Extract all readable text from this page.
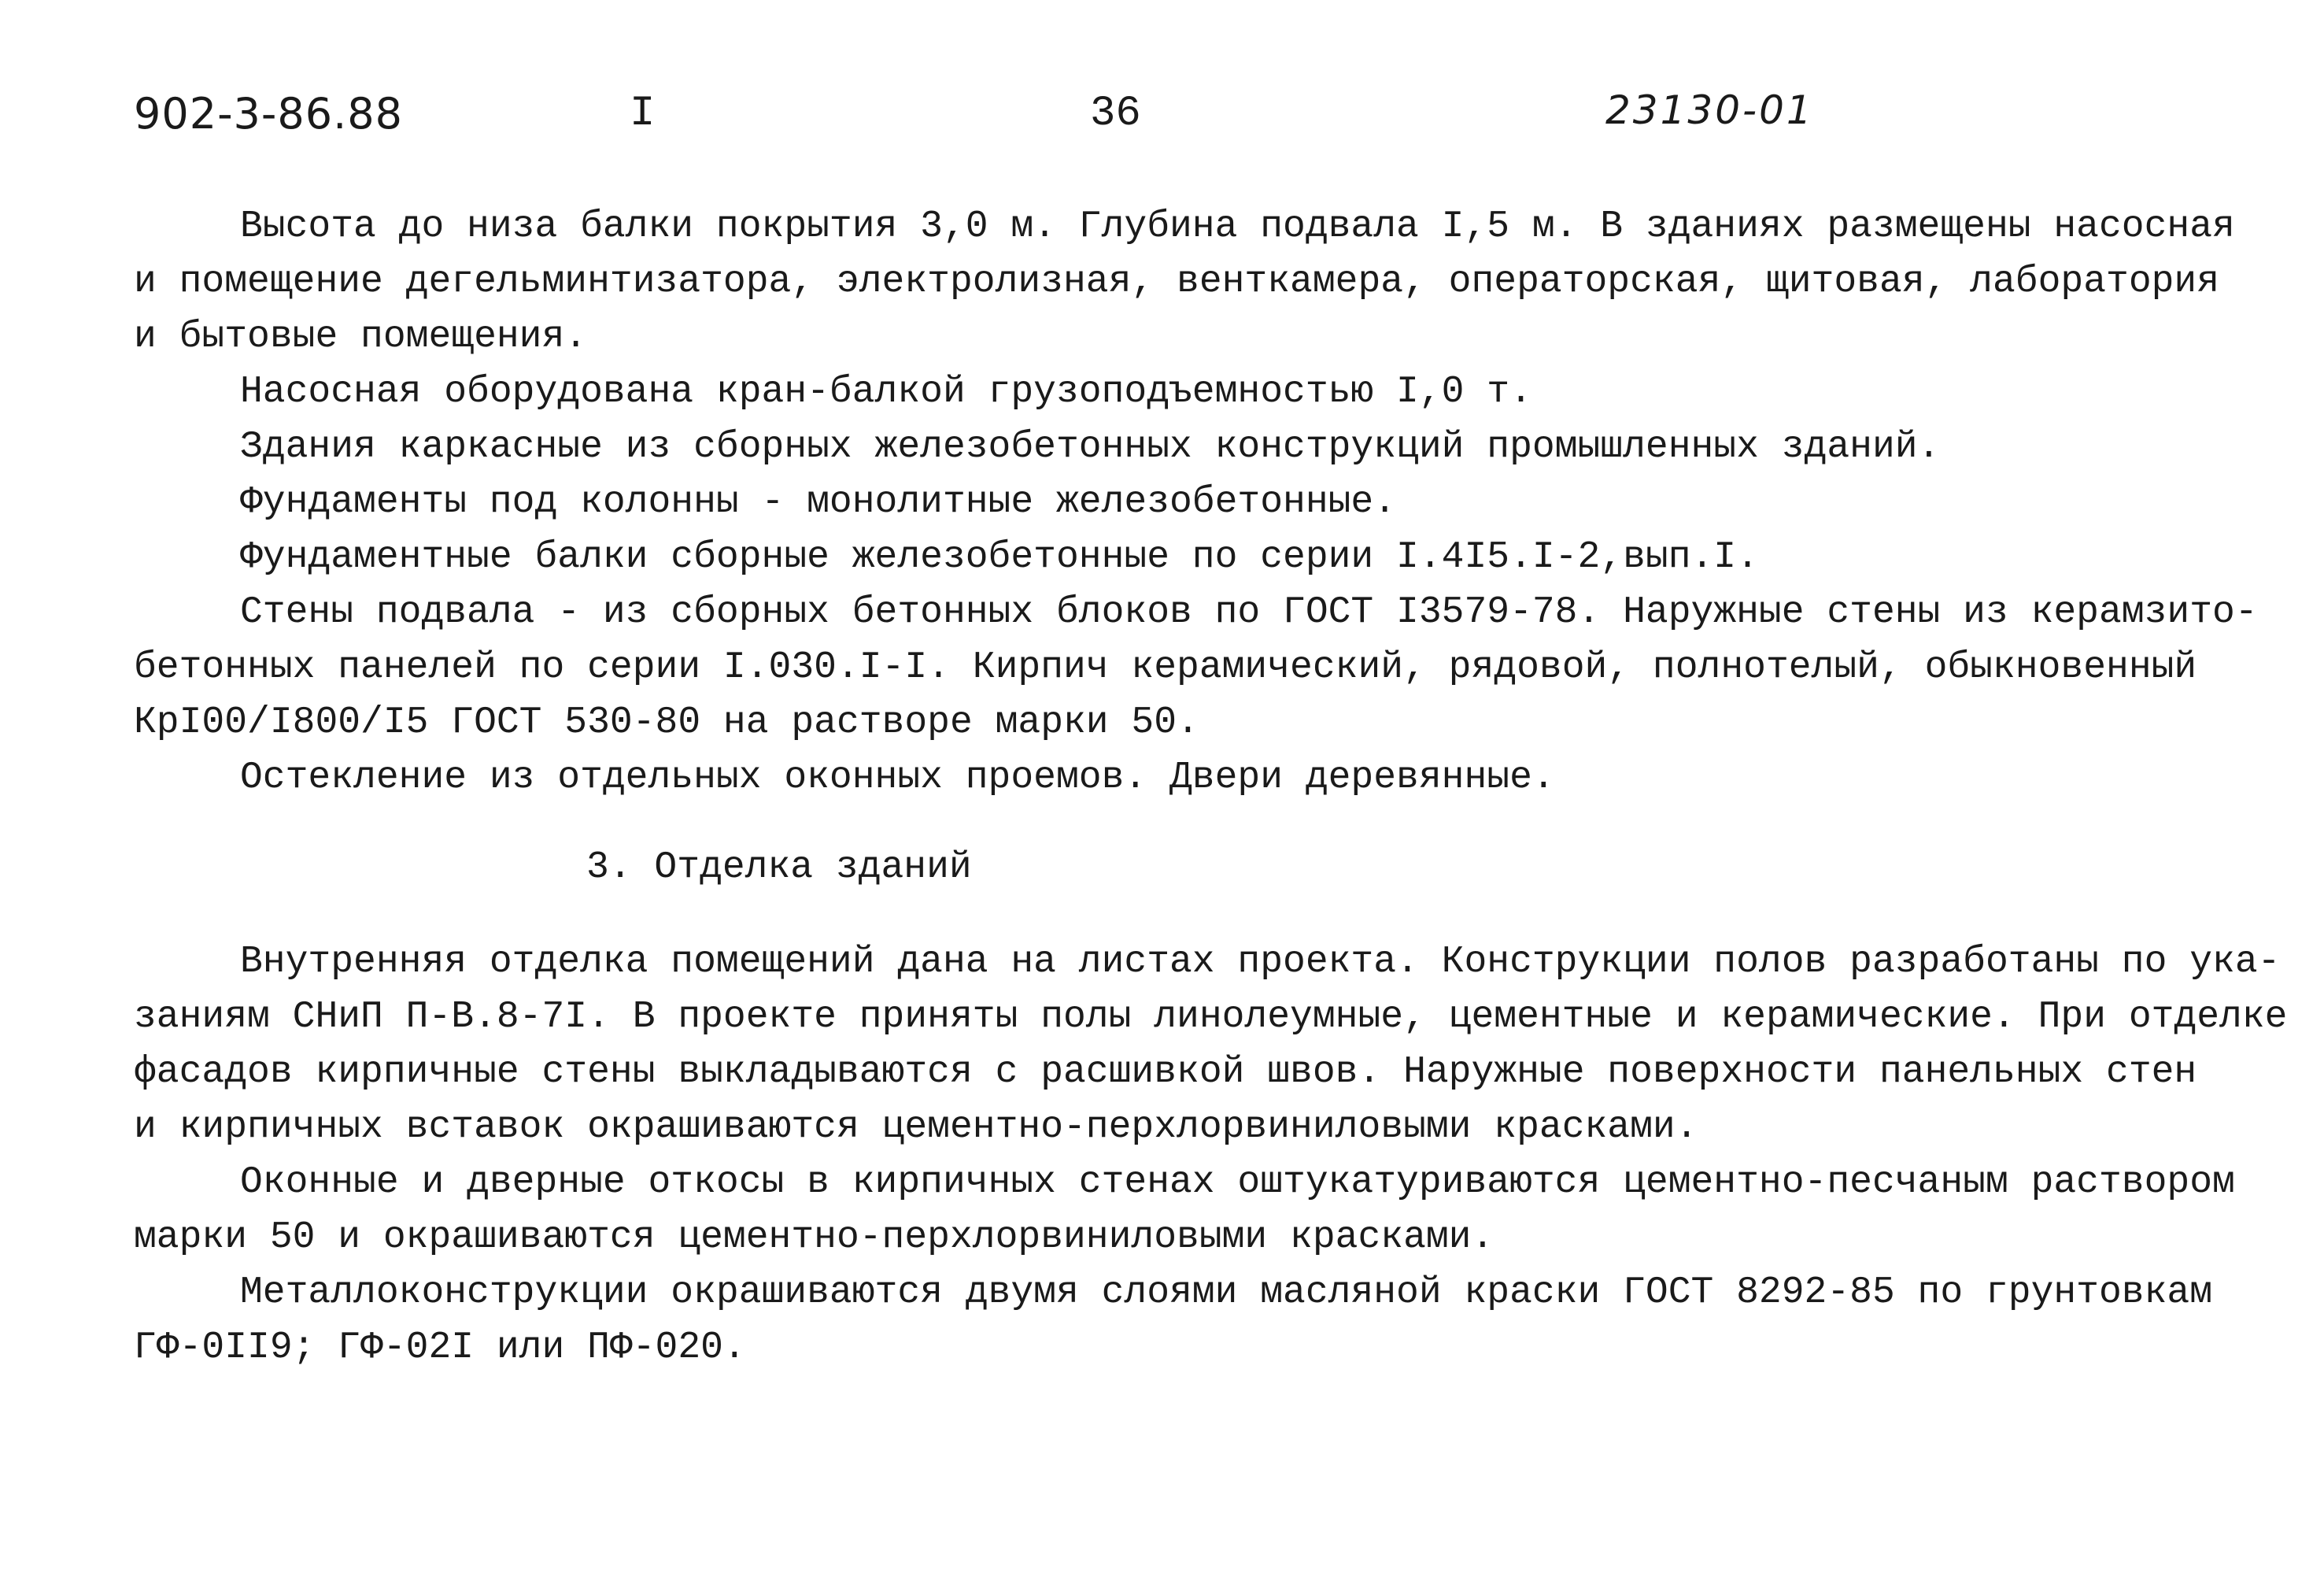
902-3-86.88	I	36	23130-01
Высота до низа балки покрытия 3,0 м. Глубина подвала I,5 м. В зданиях размещены насосная
и помещение дегельминтизатора, электролизная, венткамера, операторская, щитовая, лаборатория
и бытовые помещения.
Насосная оборудована кран-балкой грузоподъемностью I,0 т.
Здания каркасные из сборных железобетонных конструкций промышленных зданий.
Фундаменты под колонны - монолитные железобетонные.
Фундаментные балки сборные железобетонные по серии I.4I5.I-2,вып.I.
Стены подвала - из сборных бетонных блоков по ГОСТ I3579-78. Наружные стены из керамзито-
бетонных панелей по серии I.030.I-I. Кирпич керамический, рядовой, полнотелый, обыкновенный
КрI00/I800/I5 ГОСТ 530-80 на растворе марки 50.
Остекление из отдельных оконных проемов. Двери деревянные.
3. Отделка зданий
Внутренняя отделка помещений дана на листах проекта. Конструкции полов разработаны по ука-
заниям СНиП П-В.8-7I. В проекте приняты полы линолеумные, цементные и керамические. При отделке
фасадов кирпичные стены выкладываются с расшивкой швов. Наружные поверхности панельных стен
и кирпичных вставок окрашиваются цементно-перхлорвиниловыми красками.
Оконные и дверные откосы в кирпичных стенах оштукатуриваются цементно-песчаным раствором
марки 50 и окрашиваются цементно-перхлорвиниловыми красками.
Металлоконструкции окрашиваются двумя слоями масляной краски ГОСТ 8292-85 по грунтовкам
ГФ-0II9; ГФ-02I или ПФ-020.
